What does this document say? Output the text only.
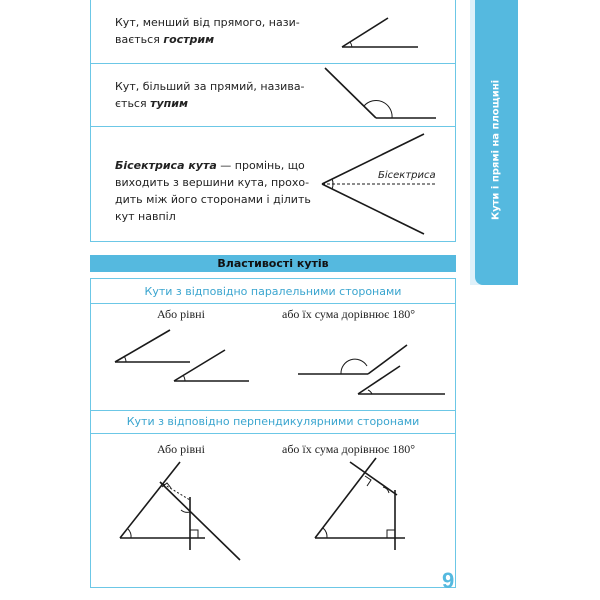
Кути і прямі на площині
Кут, менший від прямого, нази-вається гострим
Кут, більший за прямий, назива-ється тупим
Бісектриса кута — промінь, що виходить з вершини кута, прохо-дить між його сторонами і ділить кут навпіл
Властивості кутів
Кути з відповідно паралельними сторонами
Кути з відповідно перпендикулярними сторонами
Або рівні	або їх сума дорівнює 180°
Або рівні	або їх сума дорівнює 180°
Бісектриса
9
